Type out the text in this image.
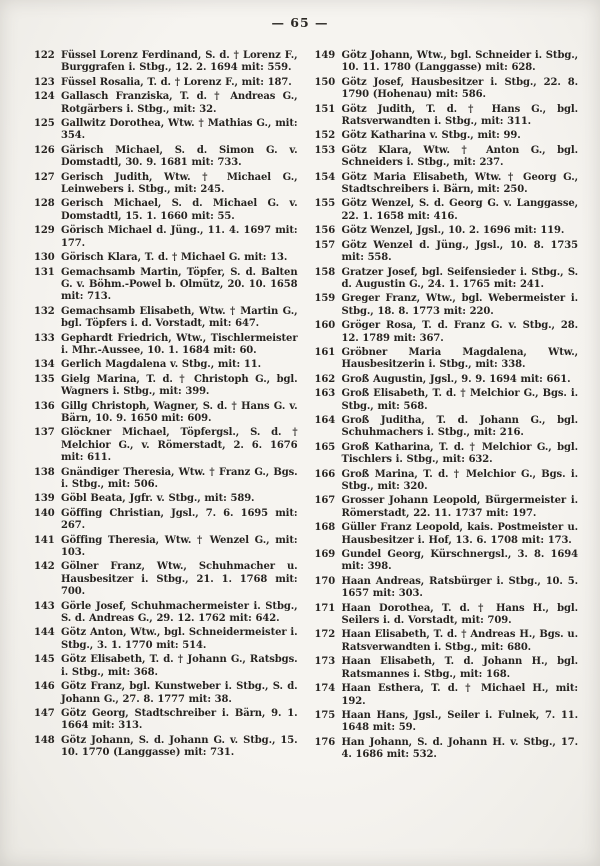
— 65 —
122 Füssel Lorenz Ferdinand, S. d. † Lorenz F., Burggrafen i. Stbg., 12. 2. 1694 mit: 559.
123 Füssel Rosalia, T. d. † Lorenz F., mit: 187.
124 Gallasch Franziska, T. d. † Andreas G., Rotgärbers i. Stbg., mit: 32.
125 Gallwitz Dorothea, Wtw. † Mathias G., mit: 354.
126 Gärisch Michael, S. d. Simon G. v. Domstadtl, 30. 9. 1681 mit: 733.
127 Gerisch Judith, Wtw. † Michael G., Leinwebers i. Stbg., mit: 245.
128 Gerisch Michael, S. d. Michael G. v. Domstadtl, 15. 1. 1660 mit: 55.
129 Görisch Michael d. Jüng., 11. 4. 1697 mit: 177.
130 Görisch Klara, T. d. † Michael G. mit: 13.
131 Gemachsamb Martin, Töpfer, S. d. Balten G. v. Böhm.-Powel b. Olmütz, 20. 10. 1658 mit: 713.
132 Gemachsamb Elisabeth, Wtw. † Martin G., bgl. Töpfers i. d. Vorstadt, mit: 647.
133 Gephardt Friedrich, Wtw., Tischlermeister i. Mhr.-Aussee, 10. 1. 1684 mit: 60.
134 Gerlich Magdalena v. Stbg., mit: 11.
135 Gielg Marina, T. d. † Christoph G., bgl. Wagners i. Stbg., mit: 399.
136 Gillg Christoph, Wagner, S. d. † Hans G. v. Bärn, 10. 9. 1650 mit: 609.
137 Glöckner Michael, Töpfergsl., S. d. † Melchior G., v. Römerstadt, 2. 6. 1676 mit: 611.
138 Gnändiger Theresia, Wtw. † Franz G., Bgs. i. Stbg., mit: 506.
139 Göbl Beata, Jgfr. v. Stbg., mit: 589.
140 Göffing Christian, Jgsl., 7. 6. 1695 mit: 267.
141 Göffing Theresia, Wtw. † Wenzel G., mit: 103.
142 Gölner Franz, Wtw., Schuhmacher u. Hausbesitzer i. Stbg., 21. 1. 1768 mit: 700.
143 Görle Josef, Schuhmachermeister i. Stbg., S. d. Andreas G., 29. 12. 1762 mit: 642.
144 Götz Anton, Wtw., bgl. Schneidermeister i. Stbg., 3. 1. 1770 mit: 514.
145 Götz Elisabeth, T. d. † Johann G., Ratsbgs. i. Stbg., mit: 368.
146 Götz Franz, bgl. Kunstweber i. Stbg., S. d. Johann G., 27. 8. 1777 mit: 38.
147 Götz Georg, Stadtschreiber i. Bärn, 9. 1. 1664 mit: 313.
148 Götz Johann, S. d. Johann G. v. Stbg., 15. 10. 1770 (Langgasse) mit: 731.
149 Götz Johann, Wtw., bgl. Schneider i. Stbg., 10. 11. 1780 (Langgasse) mit: 628.
150 Götz Josef, Hausbesitzer i. Stbg., 22. 8. 1790 (Hohenau) mit: 586.
151 Götz Judith, T. d. † Hans G., bgl. Ratsverwandten i. Stbg., mit: 311.
152 Götz Katharina v. Stbg., mit: 99.
153 Götz Klara, Wtw. † Anton G., bgl. Schneiders i. Stbg., mit: 237.
154 Götz Maria Elisabeth, Wtw. † Georg G., Stadtschreibers i. Bärn, mit: 250.
155 Götz Wenzel, S. d. Georg G. v. Langgasse, 22. 1. 1658 mit: 416.
156 Götz Wenzel, Jgsl., 10. 2. 1696 mit: 119.
157 Götz Wenzel d. Jüng., Jgsl., 10. 8. 1735 mit: 558.
158 Gratzer Josef, bgl. Seifensieder i. Stbg., S. d. Augustin G., 24. 1. 1765 mit: 241.
159 Greger Franz, Wtw., bgl. Webermeister i. Stbg., 18. 8. 1773 mit: 220.
160 Gröger Rosa, T. d. Franz G. v. Stbg., 28. 12. 1789 mit: 367.
161 Gröbner Maria Magdalena, Wtw., Hausbesitzerin i. Stbg., mit: 338.
162 Groß Augustin, Jgsl., 9. 9. 1694 mit: 661.
163 Groß Elisabeth, T. d. † Melchior G., Bgs. i. Stbg., mit: 568.
164 Groß Juditha, T. d. Johann G., bgl. Schuhmachers i. Stbg., mit: 216.
165 Groß Katharina, T. d. † Melchior G., bgl. Tischlers i. Stbg., mit: 632.
166 Groß Marina, T. d. † Melchior G., Bgs. i. Stbg., mit: 320.
167 Grosser Johann Leopold, Bürgermeister i. Römerstadt, 22. 11. 1737 mit: 197.
168 Güller Franz Leopold, kais. Postmeister u. Hausbesitzer i. Hof, 13. 6. 1708 mit: 173.
169 Gundel Georg, Kürschnergsl., 3. 8. 1694 mit: 398.
170 Haan Andreas, Ratsbürger i. Stbg., 10. 5. 1657 mit: 303.
171 Haan Dorothea, T. d. † Hans H., bgl. Seilers i. d. Vorstadt, mit: 709.
172 Haan Elisabeth, T. d. † Andreas H., Bgs. u. Ratsverwandten i. Stbg., mit: 680.
173 Haan Elisabeth, T. d. Johann H., bgl. Ratsmannes i. Stbg., mit: 168.
174 Haan Esthera, T. d. † Michael H., mit: 192.
175 Haan Hans, Jgsl., Seiler i. Fulnek, 7. 11. 1648 mit: 59.
176 Han Johann, S. d. Johann H. v. Stbg., 17. 4. 1686 mit: 532.
